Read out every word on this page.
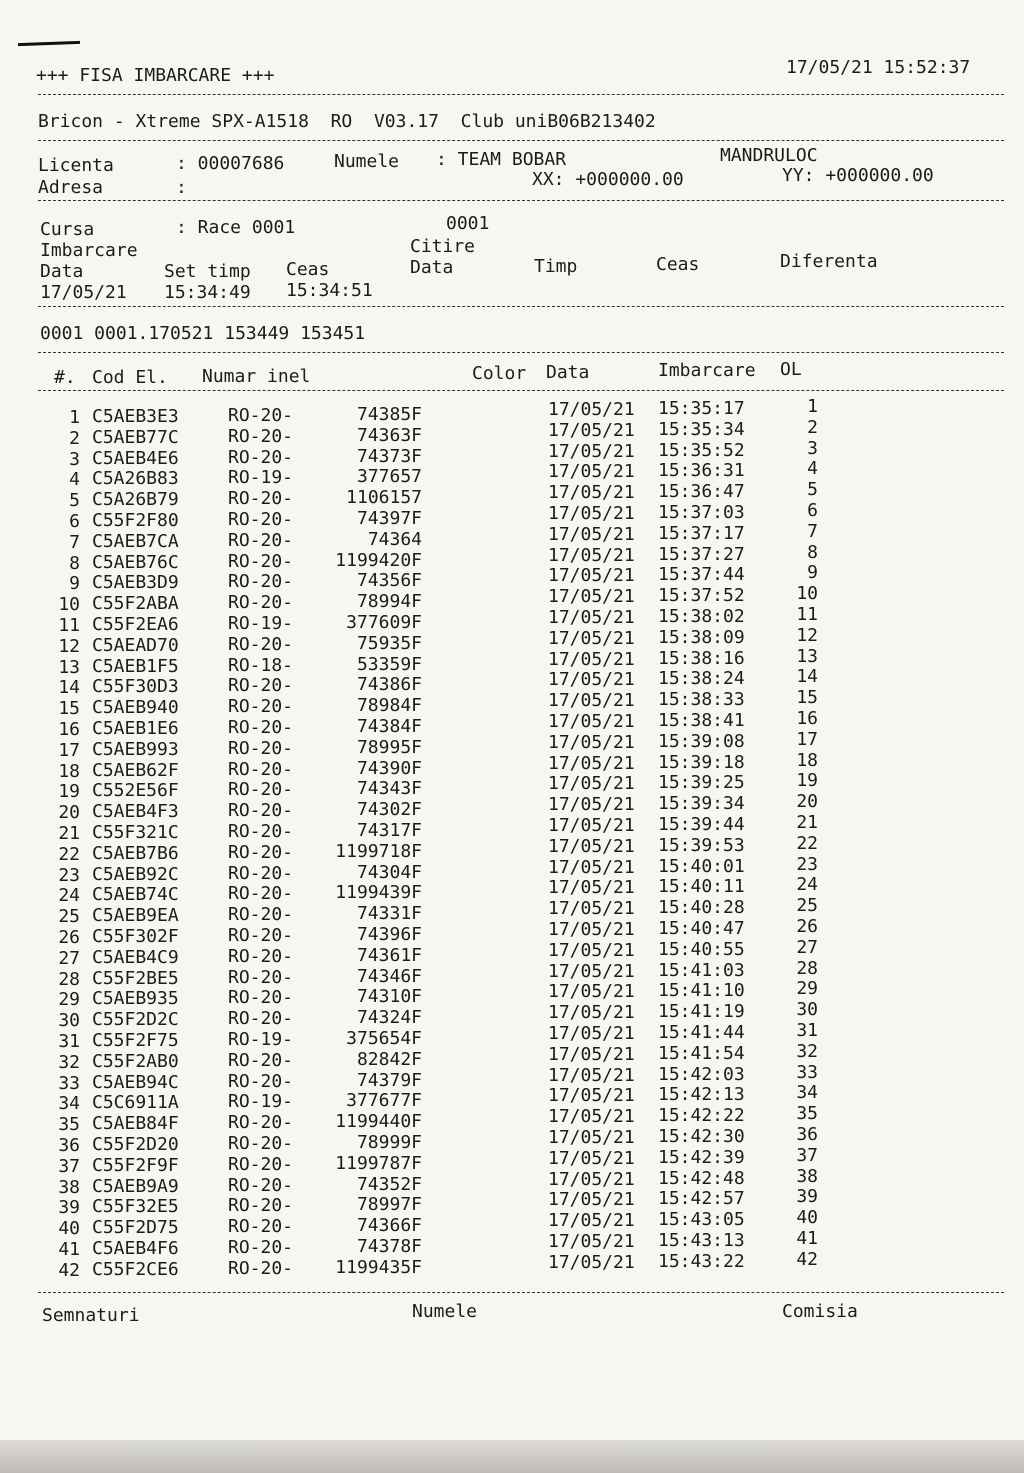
+++ FISA IMBARCARE +++	17/05/21 15:52:37
Bricon - Xtreme SPX-A1518  RO  V03.17  Club uniB06B213402
Licenta	: 00007686	Numele : TEAM BOBAR	MANDRULOC
Adresa	:	XX: +000000.00	YY: +000000.00
Cursa	: Race 0001	0001
Imbarcare	Citire
Data	Set timp Ceas	Data	Timp	Ceas	Diferenta
17/05/21 15:34:49 15:34:51
0001 0001.170521 153449 153451
#. Cod El. Numar inel	Color Data	Imbarcare OL
1 C5AEB3E3	RO-20-	74385F	17/05/21 15:35:17	1
2 C5AEB77C	RO-20-	74363F	17/05/21 15:35:34	2
3 C5AEB4E6	RO-20-	74373F	17/05/21 15:35:52	3
4 C5A26B83	RO-19-	377657	17/05/21 15:36:31	4
5 C5A26B79	RO-20-	1106157	17/05/21 15:36:47	5
6 C55F2F80	RO-20-	74397F	17/05/21 15:37:03	6
7 C5AEB7CA	RO-20-	74364	17/05/21 15:37:17	7
8 C5AEB76C	RO-20-	1199420F	17/05/21 15:37:27	8
9 C5AEB3D9	RO-20-	74356F	17/05/21 15:37:44	9
10 C55F2ABA	RO-20-	78994F	17/05/21 15:37:52	10
11 C55F2EA6	RO-19-	377609F	17/05/21 15:38:02	11
12 C5AEAD70	RO-20-	75935F	17/05/21 15:38:09	12
13 C5AEB1F5	RO-18-	53359F	17/05/21 15:38:16	13
14 C55F30D3	RO-20-	74386F	17/05/21 15:38:24	14
15 C5AEB940	RO-20-	78984F	17/05/21 15:38:33	15
16 C5AEB1E6	RO-20-	74384F	17/05/21 15:38:41	16
17 C5AEB993	RO-20-	78995F	17/05/21 15:39:08	17
18 C5AEB62F	RO-20-	74390F	17/05/21 15:39:18	18
19 C552E56F	RO-20-	74343F	17/05/21 15:39:25	19
20 C5AEB4F3	RO-20-	74302F	17/05/21 15:39:34	20
21 C55F321C	RO-20-	74317F	17/05/21 15:39:44	21
22 C5AEB7B6	RO-20-	1199718F	17/05/21 15:39:53	22
23 C5AEB92C	RO-20-	74304F	17/05/21 15:40:01	23
24 C5AEB74C	RO-20-	1199439F	17/05/21 15:40:11	24
25 C5AEB9EA	RO-20-	74331F	17/05/21 15:40:28	25
26 C55F302F	RO-20-	74396F	17/05/21 15:40:47	26
27 C5AEB4C9	RO-20-	74361F	17/05/21 15:40:55	27
28 C55F2BE5	RO-20-	74346F	17/05/21 15:41:03	28
29 C5AEB935	RO-20-	74310F	17/05/21 15:41:10	29
30 C55F2D2C	RO-20-	74324F	17/05/21 15:41:19	30
31 C55F2F75	RO-19-	375654F	17/05/21 15:41:44	31
32 C55F2AB0	RO-20-	82842F	17/05/21 15:41:54	32
33 C5AEB94C	RO-20-	74379F	17/05/21 15:42:03	33
34 C5C6911A	RO-19-	377677F	17/05/21 15:42:13	34
35 C5AEB84F	RO-20-	1199440F	17/05/21 15:42:22	35
36 C55F2D20	RO-20-	78999F	17/05/21 15:42:30	36
37 C55F2F9F	RO-20-	1199787F	17/05/21 15:42:39	37
38 C5AEB9A9	RO-20-	74352F	17/05/21 15:42:48	38
39 C55F32E5	RO-20-	78997F	17/05/21 15:42:57	39
40 C55F2D75	RO-20-	74366F	17/05/21 15:43:05	40
41 C5AEB4F6	RO-20-	74378F	17/05/21 15:43:13	41
42 C55F2CE6	RO-20-	1199435F	17/05/21 15:43:22	42
Semnaturi	Numele	Comisia
